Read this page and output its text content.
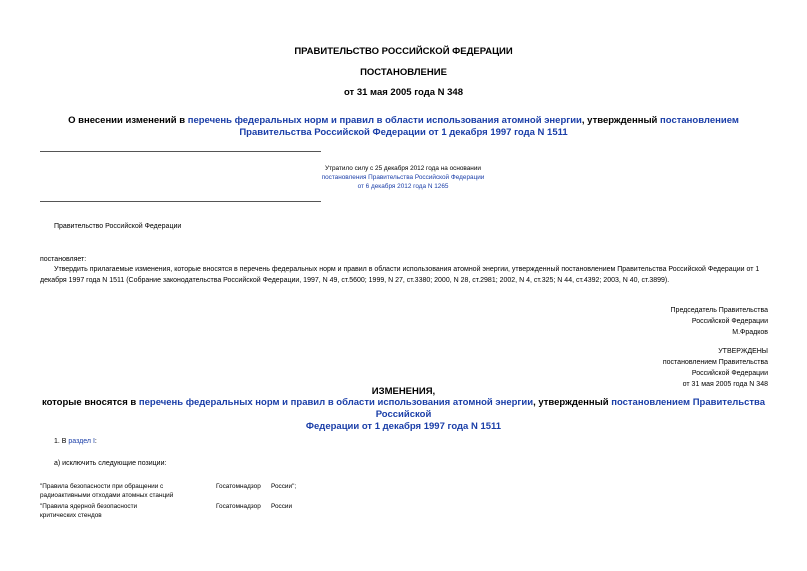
ПРАВИТЕЛЬСТВО РОССИЙСКОЙ ФЕДЕРАЦИИ
ПОСТАНОВЛЕНИЕ
от 31 мая 2005 года N 348
О внесении изменений в перечень федеральных норм и правил в области использования атомной энергии, утвержденный постановлением Правительства Российской Федерации от 1 декабря 1997 года N 1511
Утратило силу с 25 декабря 2012 года на основании
постановления Правительства Российской Федерации
от 6 декабря 2012 года N 1265
Правительство Российской Федерации
постановляет:
Утвердить прилагаемые изменения, которые вносятся в перечень федеральных норм и правил в области использования атомной энергии, утвержденный постановлением Правительства Российской Федерации от 1 декабря 1997 года N 1511 (Собрание законодательства Российской Федерации, 1997, N 49, ст.5600; 1999, N 27, ст.3380; 2000, N 28, ст.2981; 2002, N 4, ст.325; N 44, ст.4392; 2003, N 40, ст.3899).
Председатель Правительства
Российской Федерации
М.Фрадков
УТВЕРЖДЕНЫ
постановлением Правительства
Российской Федерации
от 31 мая 2005 года N 348
ИЗМЕНЕНИЯ,
которые вносятся в перечень федеральных норм и правил в области использования атомной энергии, утвержденный постановлением Правительства Российской
Федерации от 1 декабря 1997 года N 1511
1. В раздел I:
а) исключить следующие позиции:
"Правила безопасности при обращении с
радиоактивными отходами атомных станций
Госатомнадзор России";
"Правила ядерной безопасности
критических стендов
Госатомнадзор России
